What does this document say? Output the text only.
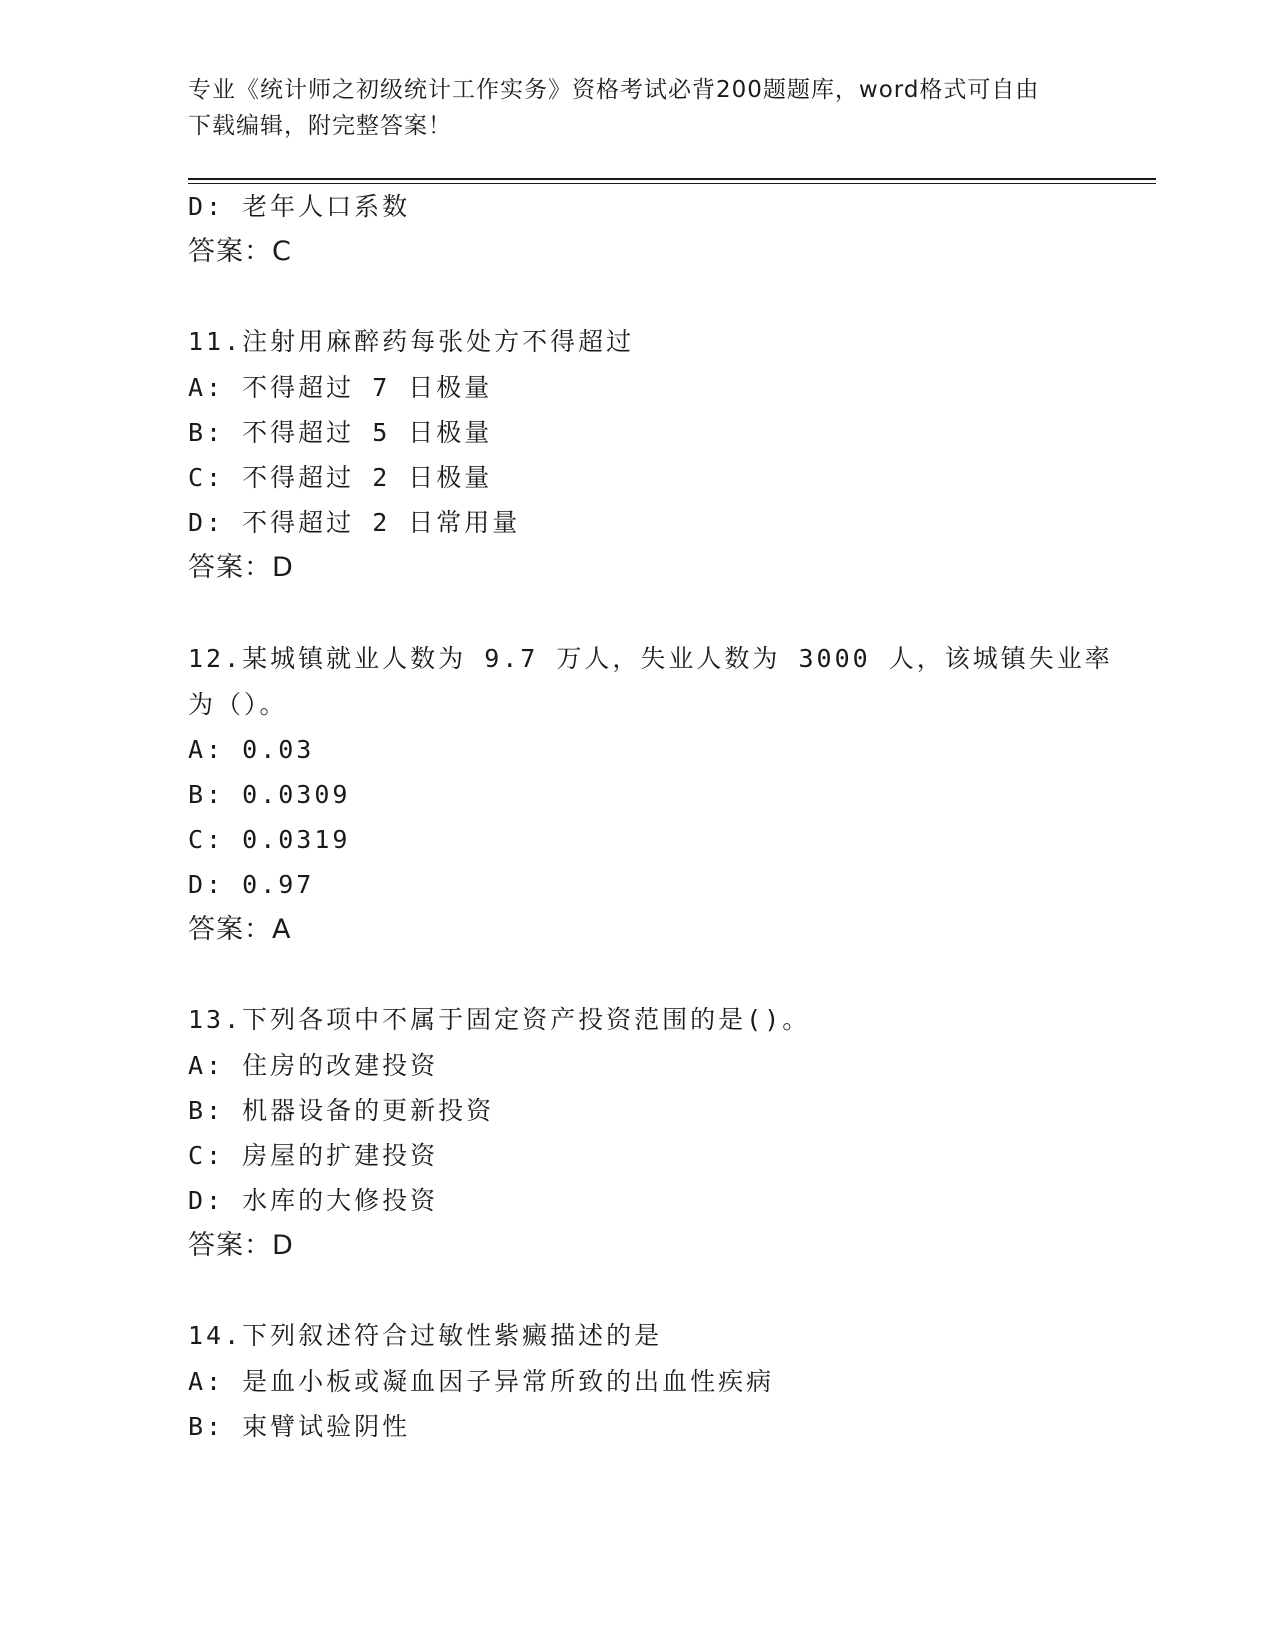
专业《统计师之初级统计工作实务》资格考试必背200题题库，word格式可自由
下载编辑，附完整答案！
D: 老年人口系数
答案：C
11.注射用麻醉药每张处方不得超过
A: 不得超过 7 日极量
B: 不得超过 5 日极量
C: 不得超过 2 日极量
D: 不得超过 2 日常用量
答案：D
12.某城镇就业人数为 9.7 万人，失业人数为 3000 人，该城镇失业率
为（）。
A: 0.03
B: 0.0309
C: 0.0319
D: 0.97
答案：A
13.下列各项中不属于固定资产投资范围的是()。
A: 住房的改建投资
B: 机器设备的更新投资
C: 房屋的扩建投资
D: 水库的大修投资
答案：D
14.下列叙述符合过敏性紫癜描述的是
A: 是血小板或凝血因子异常所致的出血性疾病
B: 束臂试验阴性
